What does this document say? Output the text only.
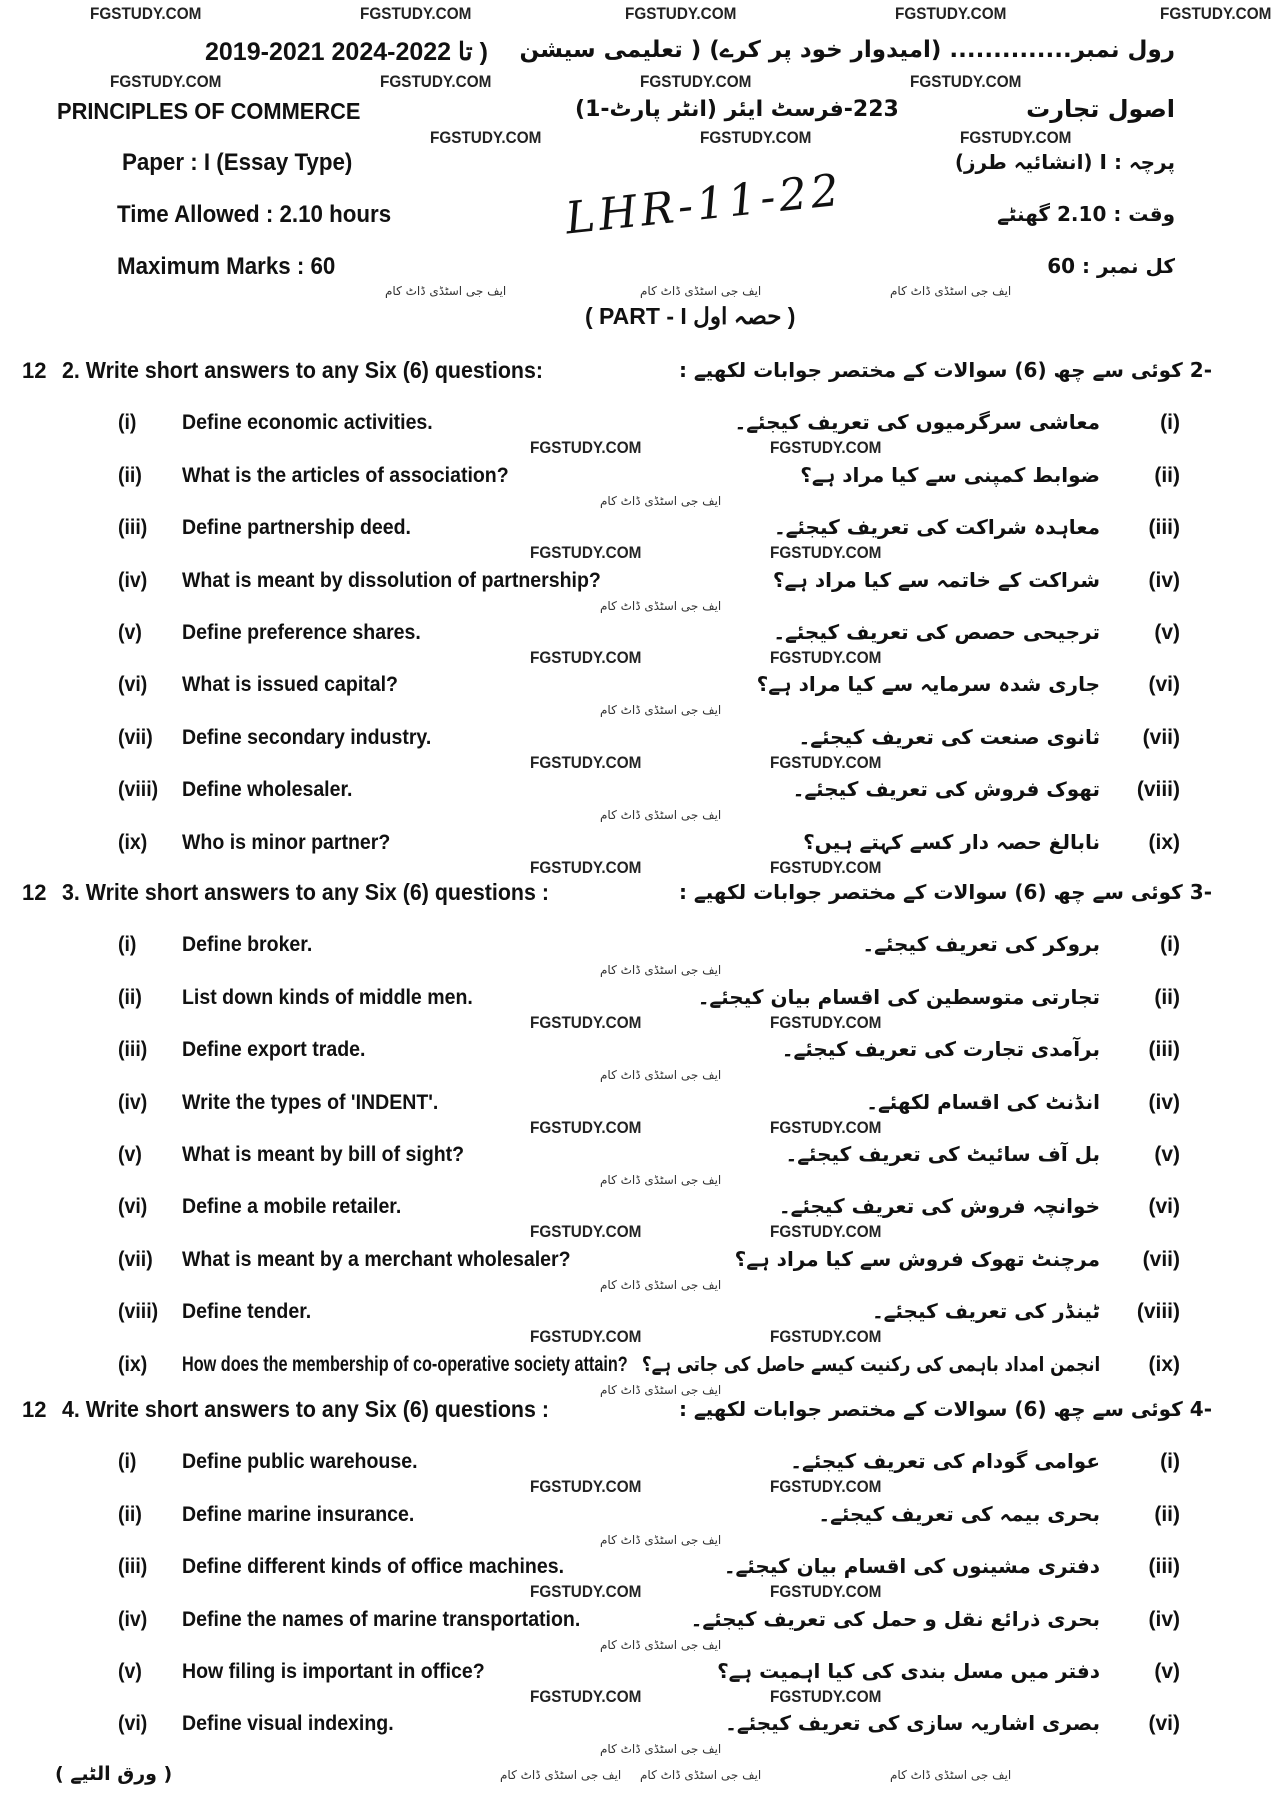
2019-2021 تا 2022-2024 ) رول نمبر.............. (امیدوار خود پر کرے) ( تعلیمی سیشن
PRINCIPLES OF COMMERCE	223-فرسٹ ایئر (انٹر پارٹ-1)	اصول تجارت
Paper : I (Essay Type)	پرچہ : I (انشائیہ طرز)
Time Allowed : 2.10 hours	LHR-11-22	وقت : 2.10 گھنٹے
Maximum Marks : 60	کل نمبر : 60
( PART - I حصہ اول )
( ورق الٹیے )
12 2. Write short answers to any Six (6) questions:	-2 کوئی سے چھ (6) سوالات کے مختصر جوابات لکھیے :
(i) Define economic activities.	معاشی سرگرمیوں کی تعریف کیجئے۔	(i)
(ii) What is the articles of association?	ضوابط کمپنی سے کیا مراد ہے؟	(ii)
(iii) Define partnership deed.	معاہدہ شراکت کی تعریف کیجئے۔ (iii)
(iv) What is meant by dissolution of partnership?	شراکت کے خاتمہ سے کیا مراد ہے؟ (iv)
(v) Define preference shares.	ترجیحی حصص کی تعریف کیجئے۔	(v)
(vi) What is issued capital?	جاری شدہ سرمایہ سے کیا مراد ہے؟ (vi)
(vii) Define secondary industry.	ثانوی صنعت کی تعریف کیجئے۔ (vii)
(viii) Define wholesaler.	تھوک فروش کی تعریف کیجئے۔ (viii)
(ix) Who is minor partner?	نابالغ حصہ دار کسے کہتے ہیں؟ (ix)
12 3. Write short answers to any Six (6) questions :	-3 کوئی سے چھ (6) سوالات کے مختصر جوابات لکھیے :
(i) Define broker.	بروکر کی تعریف کیجئے۔	(i)
(ii) List down kinds of middle men.	تجارتی متوسطین کی اقسام بیان کیجئے۔	(ii)
(iii) Define export trade.	برآمدی تجارت کی تعریف کیجئے۔ (iii)
(iv) Write the types of 'INDENT'.	انڈنٹ کی اقسام لکھئے۔ (iv)
(v) What is meant by bill of sight?	بل آف سائیٹ کی تعریف کیجئے۔	(v)
(vi) Define a mobile retailer.	خوانچہ فروش کی تعریف کیجئے۔ (vi)
(vii) What is meant by a merchant wholesaler?	مرچنٹ تھوک فروش سے کیا مراد ہے؟ (vii)
(viii) Define tender.	ٹینڈر کی تعریف کیجئے۔ (viii)
(ix) How does the membership of co-operative society attain? انجمن امداد باہمی کی رکنیت کیسے حاصل کی جاتی ہے؟ (ix)
12 4. Write short answers to any Six (6) questions :	-4 کوئی سے چھ (6) سوالات کے مختصر جوابات لکھیے :
(i) Define public warehouse.	عوامی گودام کی تعریف کیجئے۔	(i)
(ii) Define marine insurance.	بحری بیمہ کی تعریف کیجئے۔	(ii)
(iii) Define different kinds of office machines.	دفتری مشینوں کی اقسام بیان کیجئے۔ (iii)
(iv) Define the names of marine transportation.	بحری ذرائع نقل و حمل کی تعریف کیجئے۔ (iv)
(v) How filing is important in office?	دفتر میں مسل بندی کی کیا اہمیت ہے؟	(v)
(vi) Define visual indexing.	بصری اشاریہ سازی کی تعریف کیجئے۔ (vi)
FGSTUDY.COM	FGSTUDY.COM	FGSTUDY.COM	FGSTUDY.COM	FGSTUDY.COM
FGSTUDY.COM	FGSTUDY.COM	FGSTUDY.COM	FGSTUDY.COM
FGSTUDY.COM	FGSTUDY.COM	FGSTUDY.COM
ایف جی اسٹڈی ڈاٹ کام	ایف جی اسٹڈی ڈاٹ کام	ایف جی اسٹڈی ڈاٹ کام
FGSTUDY.COM	FGSTUDY.COM
ایف جی اسٹڈی ڈاٹ کام
FGSTUDY.COM	FGSTUDY.COM
ایف جی اسٹڈی ڈاٹ کام
FGSTUDY.COM	FGSTUDY.COM
ایف جی اسٹڈی ڈاٹ کام
FGSTUDY.COM	FGSTUDY.COM
ایف جی اسٹڈی ڈاٹ کام
FGSTUDY.COM	FGSTUDY.COM
ایف جی اسٹڈی ڈاٹ کام
FGSTUDY.COM	FGSTUDY.COM
ایف جی اسٹڈی ڈاٹ کام
FGSTUDY.COM	FGSTUDY.COM
ایف جی اسٹڈی ڈاٹ کام
FGSTUDY.COM	FGSTUDY.COM
ایف جی اسٹڈی ڈاٹ کام
FGSTUDY.COM	FGSTUDY.COM
ایف جی اسٹڈی ڈاٹ کام
FGSTUDY.COM	FGSTUDY.COM
ایف جی اسٹڈی ڈاٹ کام
FGSTUDY.COM	FGSTUDY.COM
ایف جی اسٹڈی ڈاٹ کام
FGSTUDY.COM	FGSTUDY.COM
ایف جی اسٹڈی ڈاٹ کام
ایف جی اسٹڈی ڈاٹ کام ایف جی اسٹڈی ڈاٹ کام	ایف جی اسٹڈی ڈاٹ کام
